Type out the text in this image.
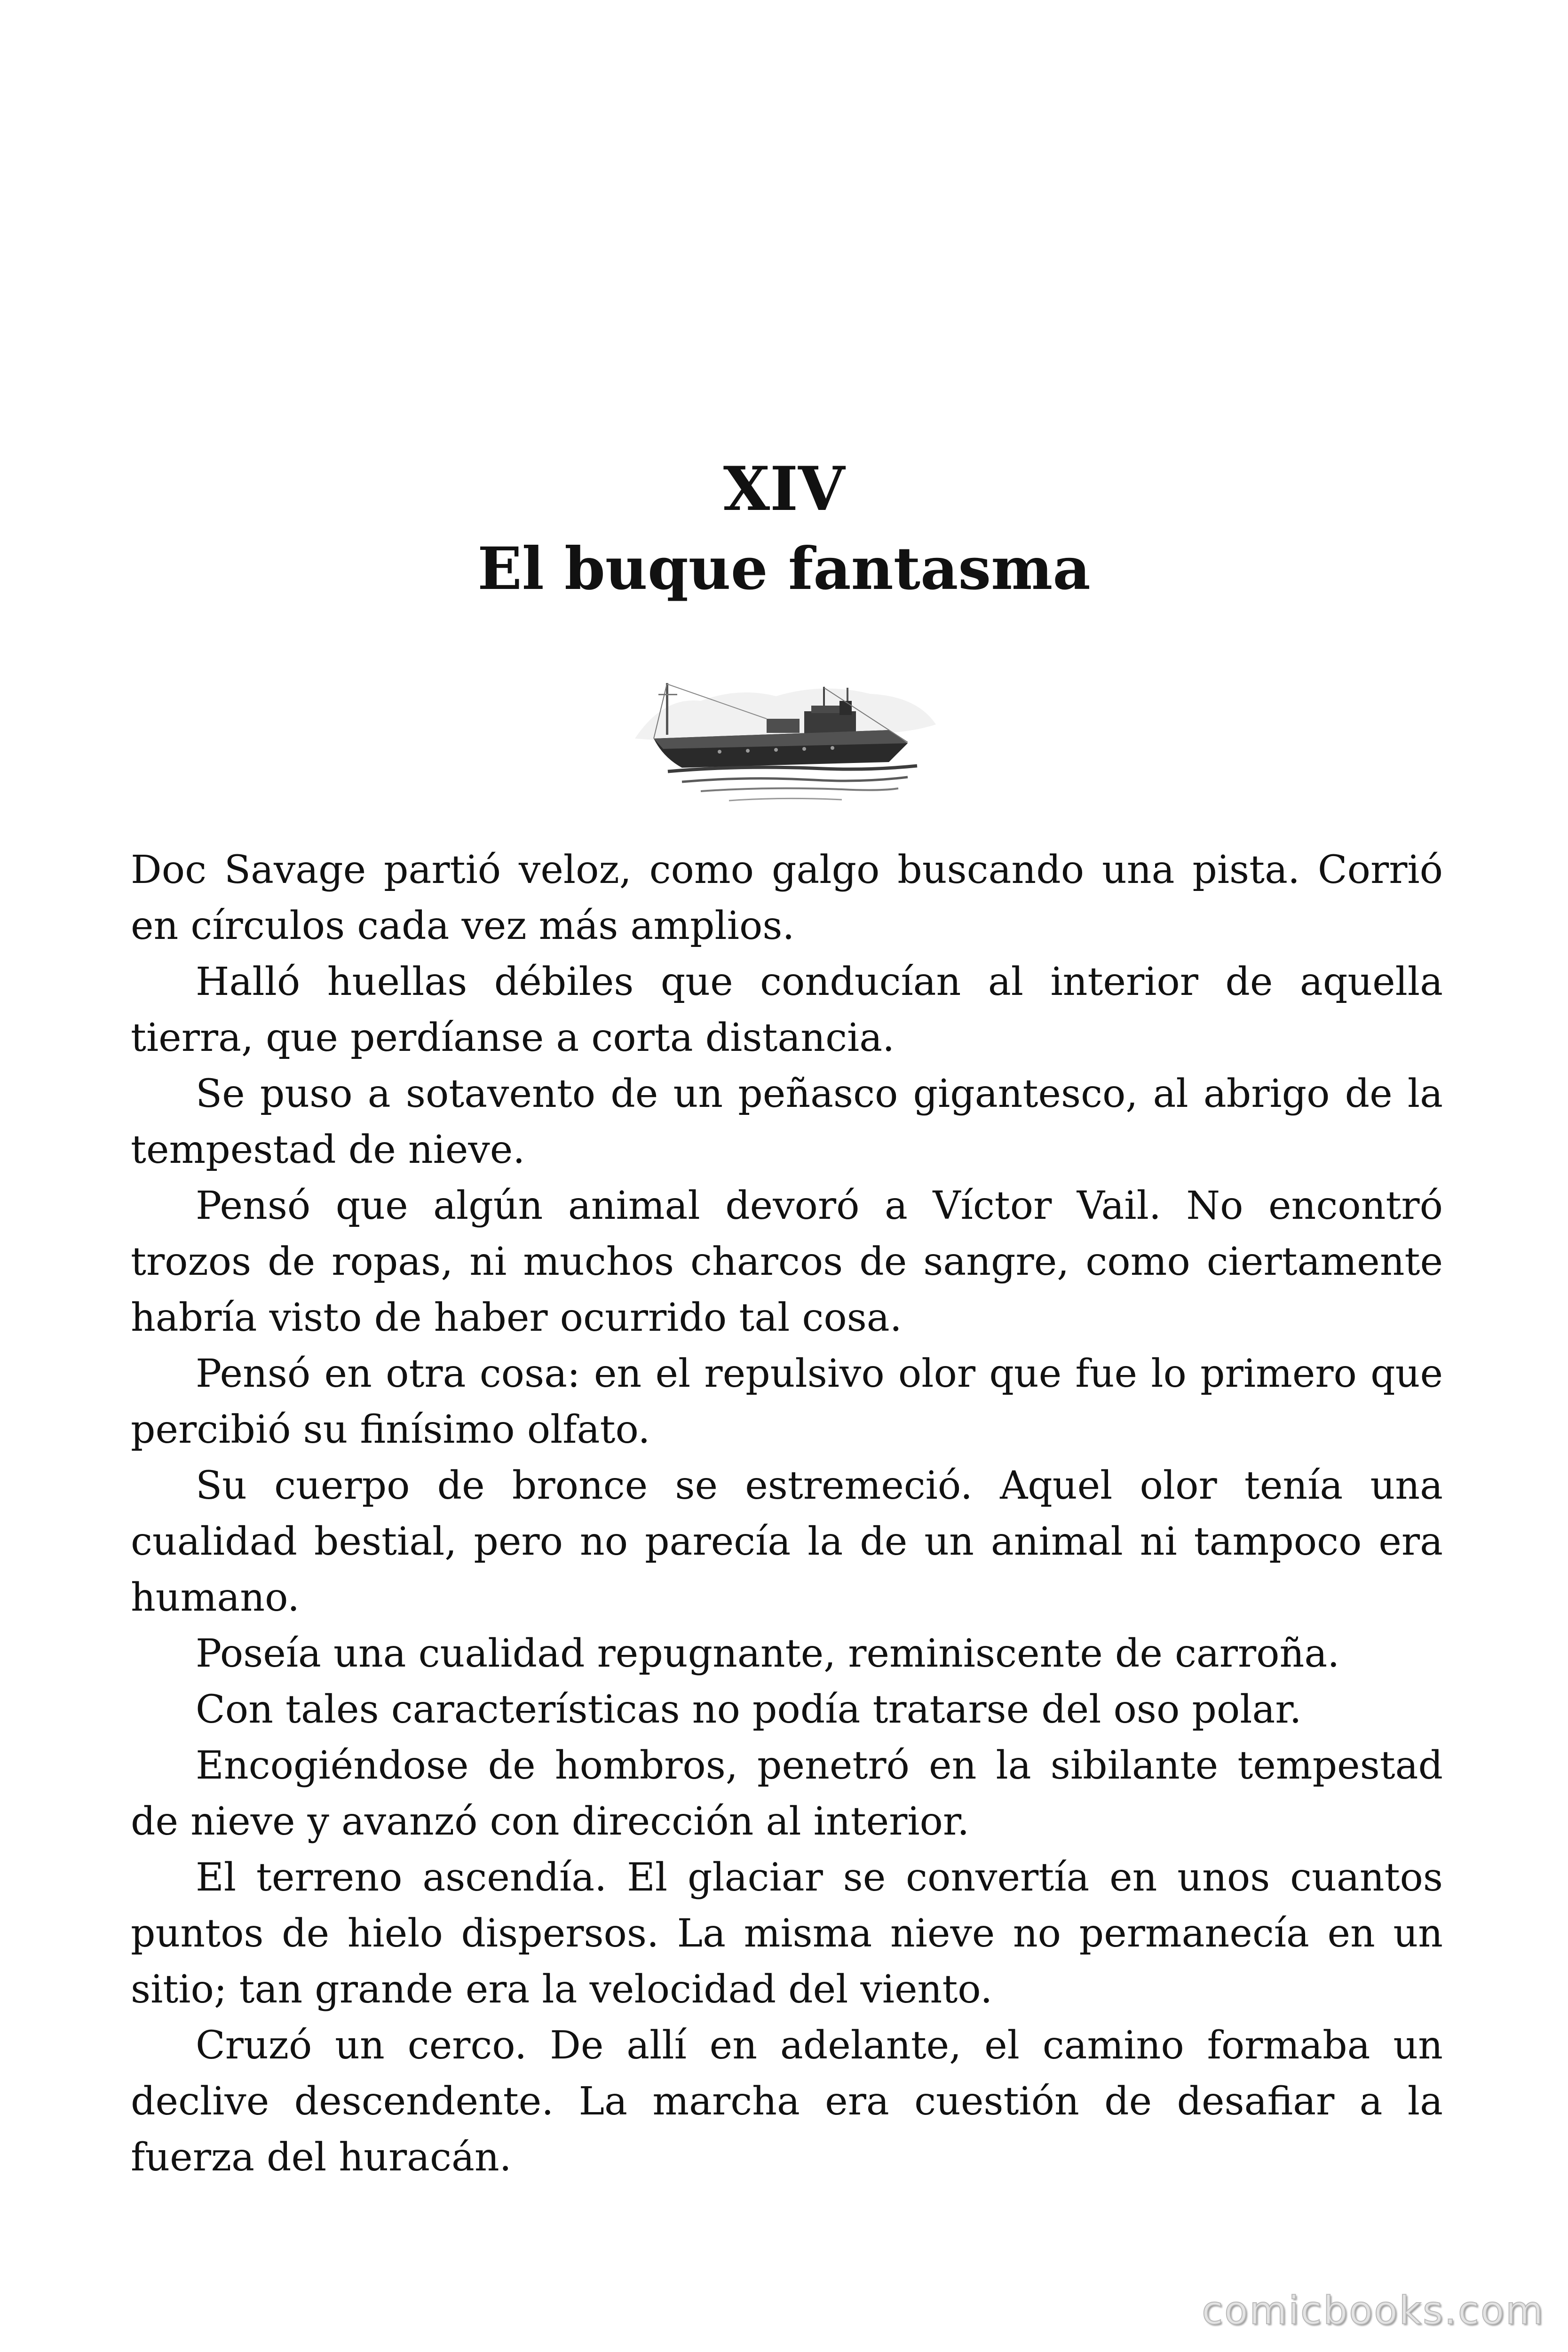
XIV
El buque fantasma

Doc Savage partió veloz, como galgo buscando una pista. Corrió en círculos cada vez más amplios.

Halló huellas débiles que conducían al interior de aquella tierra, que perdíanse a corta distancia.

Se puso a sotavento de un peñasco gigantesco, al abrigo de la tempestad de nieve.

Pensó que algún animal devoró a Víctor Vail. No encontró trozos de ropas, ni muchos charcos de sangre, como ciertamente habría visto de haber ocurrido tal cosa.

Pensó en otra cosa: en el repulsivo olor que fue lo primero que percibió su finísimo olfato.

Su cuerpo de bronce se estremeció. Aquel olor tenía una cualidad bestial, pero no parecía la de un animal ni tampoco era humano.

Poseía una cualidad repugnante, reminiscente de carroña.

Con tales características no podía tratarse del oso polar.

Encogiéndose de hombros, penetró en la sibilante tempestad de nieve y avanzó con dirección al interior.

El terreno ascendía. El glaciar se convertía en unos cuantos puntos de hielo dispersos. La misma nieve no permanecía en un sitio; tan grande era la velocidad del viento.

Cruzó un cerco. De allí en adelante, el camino formaba un declive descendente. La marcha era cuestión de desafiar a la fuerza del huracán.

comicbooks.com
